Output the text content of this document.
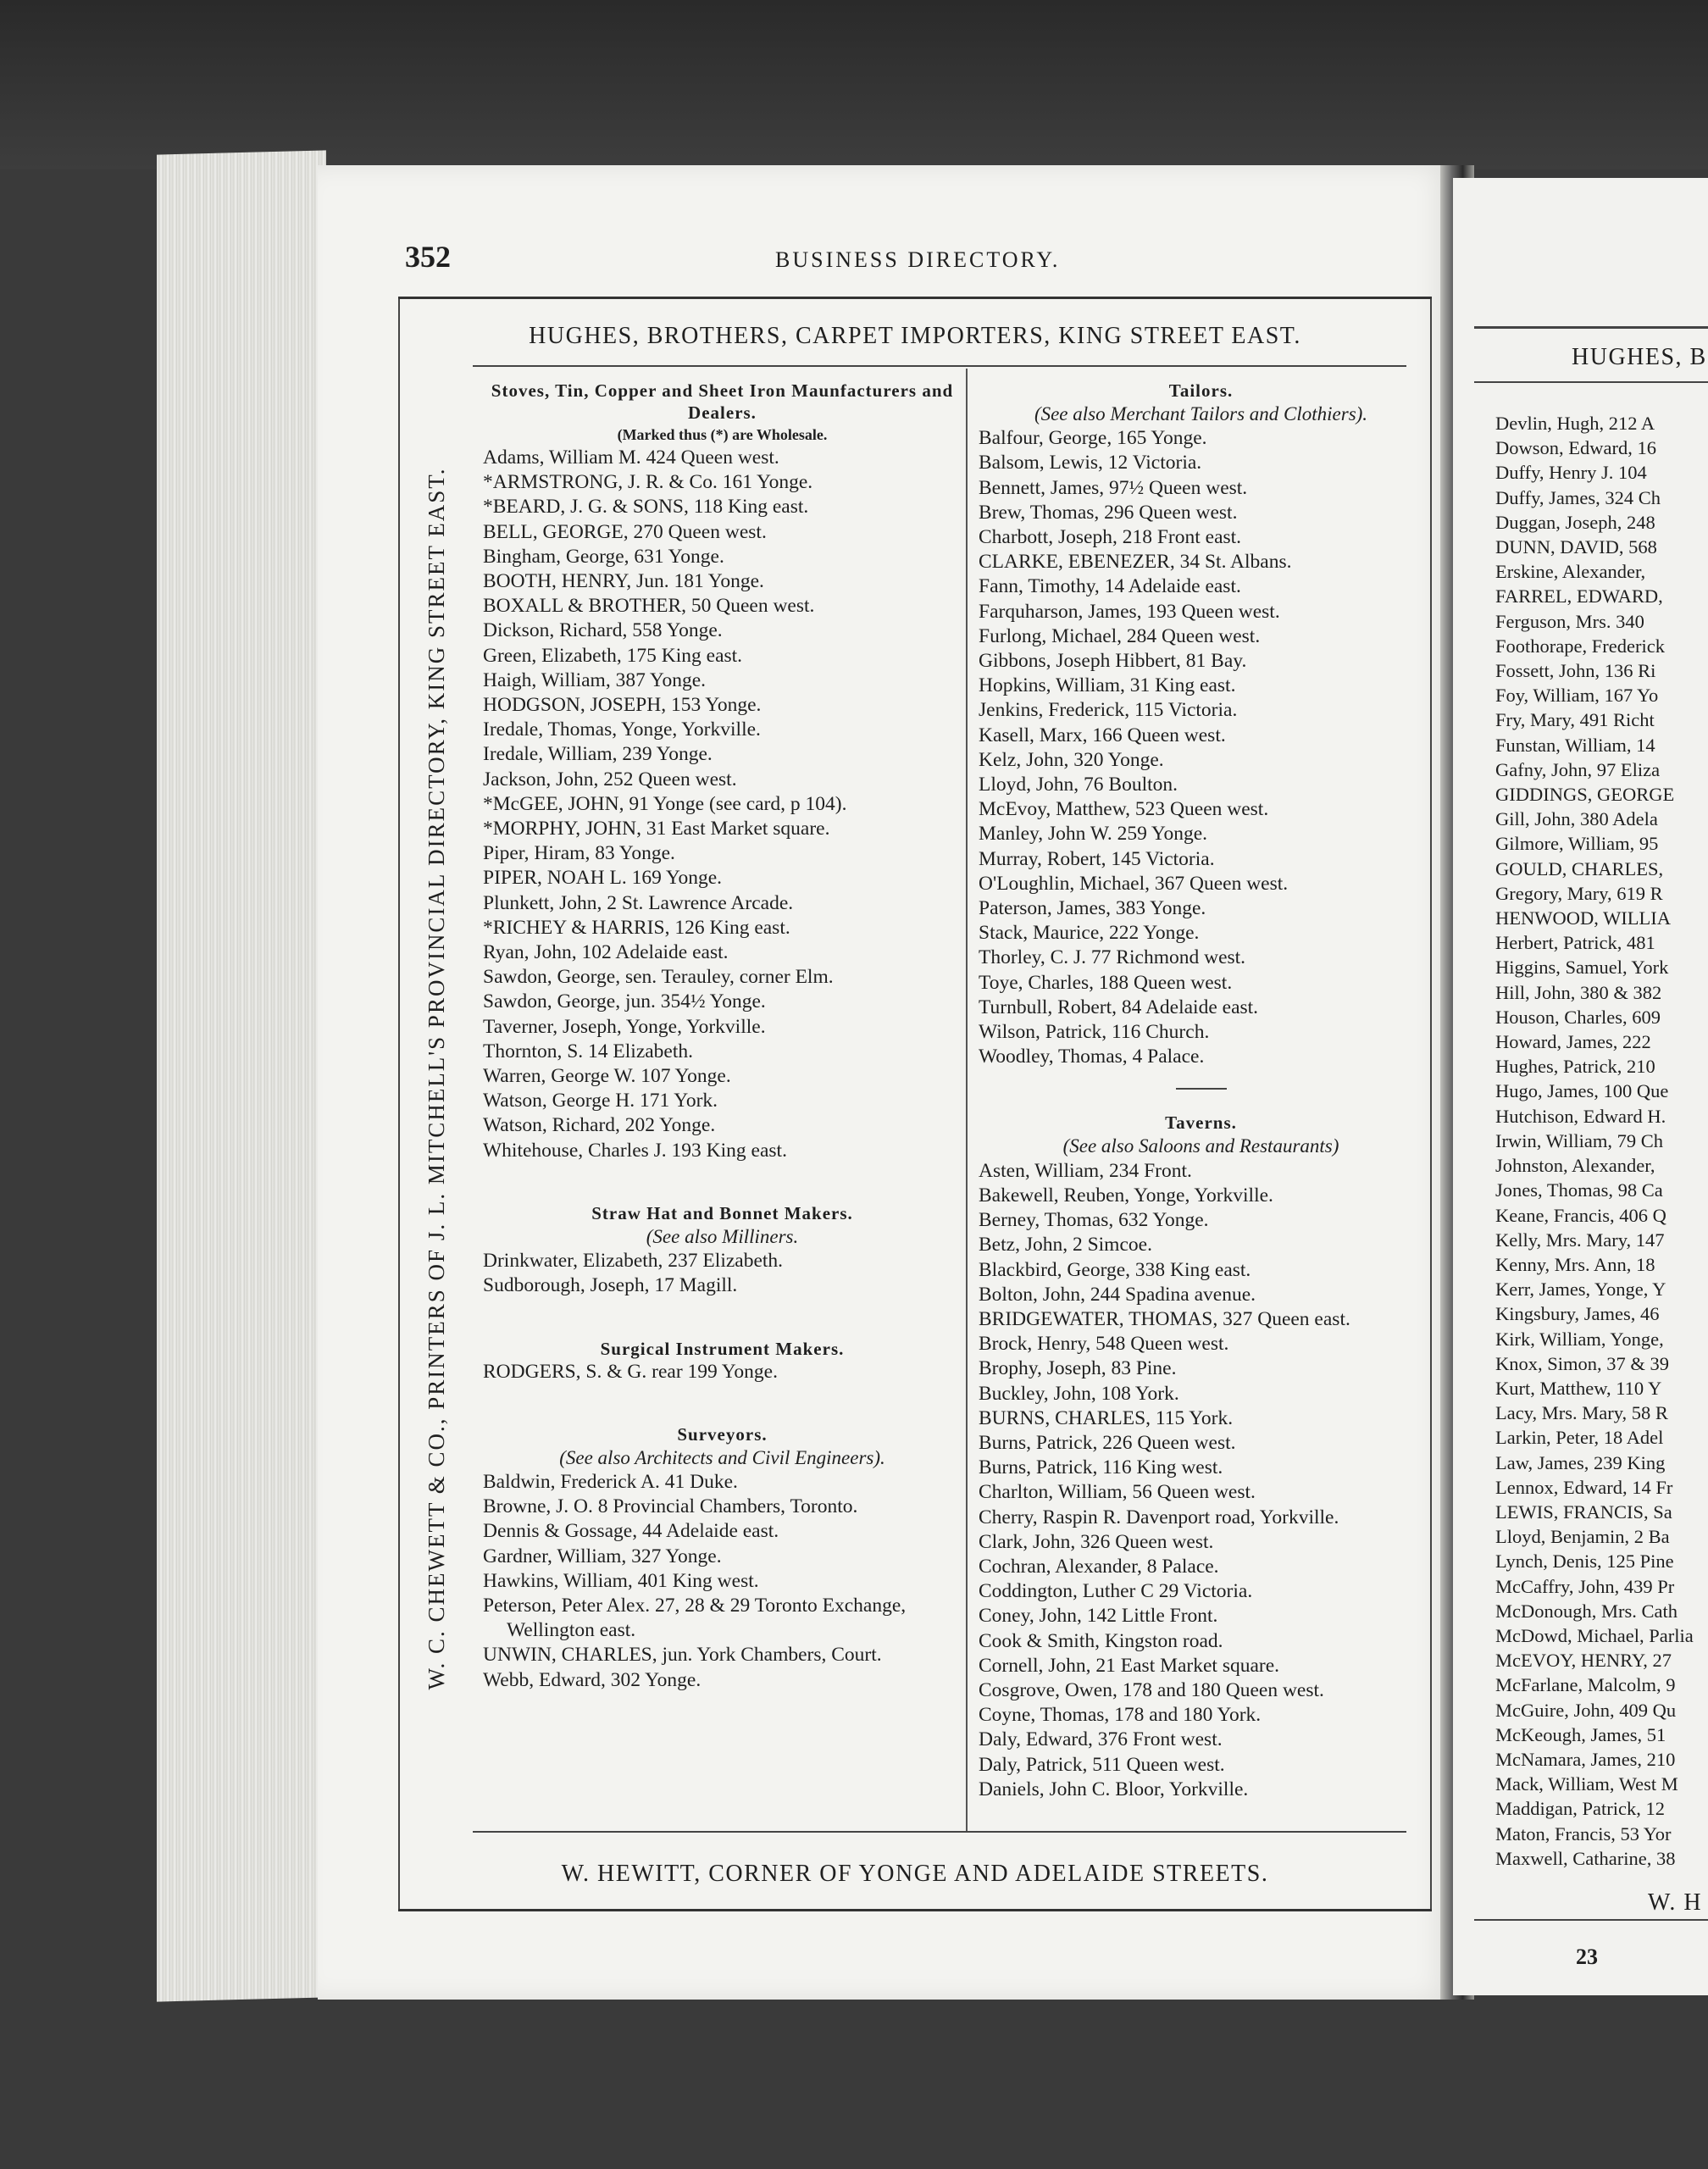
352	BUSINESS DIRECTORY.
HUGHES, BROTHERS, CARPET IMPORTERS, KING STREET EAST.
W. HEWITT, CORNER OF YONGE AND ADELAIDE STREETS.
W. C. CHEWETT & CO., PRINTERS OF J. L. MITCHELL'S PROVINCIAL DIRECTORY, KING STREET EAST.
Stoves, Tin, Copper and Sheet Iron Maunfacturers and Dealers.
(Marked thus (*) are Wholesale.
Adams, William M. 424 Queen west.
*ARMSTRONG, J. R. & Co. 161 Yonge.
*BEARD, J. G. & SONS, 118 King east.
BELL, GEORGE, 270 Queen west.
Bingham, George, 631 Yonge.
BOOTH, HENRY, Jun. 181 Yonge.
BOXALL & BROTHER, 50 Queen west.
Dickson, Richard, 558 Yonge.
Green, Elizabeth, 175 King east.
Haigh, William, 387 Yonge.
HODGSON, JOSEPH, 153 Yonge.
Iredale, Thomas, Yonge, Yorkville.
Iredale, William, 239 Yonge.
Jackson, John, 252 Queen west.
*McGEE, JOHN, 91 Yonge (see card, p 104).
*MORPHY, JOHN, 31 East Market square.
Piper, Hiram, 83 Yonge.
PIPER, NOAH L. 169 Yonge.
Plunkett, John, 2 St. Lawrence Arcade.
*RICHEY & HARRIS, 126 King east.
Ryan, John, 102 Adelaide east.
Sawdon, George, sen. Terauley, corner Elm.
Sawdon, George, jun. 354½ Yonge.
Taverner, Joseph, Yonge, Yorkville.
Thornton, S. 14 Elizabeth.
Warren, George W. 107 Yonge.
Watson, George H. 171 York.
Watson, Richard, 202 Yonge.
Whitehouse, Charles J. 193 King east.
Straw Hat and Bonnet Makers.
(See also Milliners.
Drinkwater, Elizabeth, 237 Elizabeth.
Sudborough, Joseph, 17 Magill.
Surgical Instrument Makers.
RODGERS, S. & G. rear 199 Yonge.
Surveyors.
(See also Architects and Civil Engineers).
Baldwin, Frederick A. 41 Duke.
Browne, J. O. 8 Provincial Chambers, Toronto.
Dennis & Gossage, 44 Adelaide east.
Gardner, William, 327 Yonge.
Hawkins, William, 401 King west.
Peterson, Peter Alex. 27, 28 & 29 Toronto Exchange, Wellington east.
UNWIN, CHARLES, jun. York Chambers, Court.
Webb, Edward, 302 Yonge.
Tailors.
(See also Merchant Tailors and Clothiers).
Balfour, George, 165 Yonge.
Balsom, Lewis, 12 Victoria.
Bennett, James, 97½ Queen west.
Brew, Thomas, 296 Queen west.
Charbott, Joseph, 218 Front east.
CLARKE, EBENEZER, 34 St. Albans.
Fann, Timothy, 14 Adelaide east.
Farquharson, James, 193 Queen west.
Furlong, Michael, 284 Queen west.
Gibbons, Joseph Hibbert, 81 Bay.
Hopkins, William, 31 King east.
Jenkins, Frederick, 115 Victoria.
Kasell, Marx, 166 Queen west.
Kelz, John, 320 Yonge.
Lloyd, John, 76 Boulton.
McEvoy, Matthew, 523 Queen west.
Manley, John W. 259 Yonge.
Murray, Robert, 145 Victoria.
O'Loughlin, Michael, 367 Queen west.
Paterson, James, 383 Yonge.
Stack, Maurice, 222 Yonge.
Thorley, C. J. 77 Richmond west.
Toye, Charles, 188 Queen west.
Turnbull, Robert, 84 Adelaide east.
Wilson, Patrick, 116 Church.
Woodley, Thomas, 4 Palace.
Taverns.
(See also Saloons and Restaurants)
Asten, William, 234 Front.
Bakewell, Reuben, Yonge, Yorkville.
Berney, Thomas, 632 Yonge.
Betz, John, 2 Simcoe.
Blackbird, George, 338 King east.
Bolton, John, 244 Spadina avenue.
BRIDGEWATER, THOMAS, 327 Queen east.
Brock, Henry, 548 Queen west.
Brophy, Joseph, 83 Pine.
Buckley, John, 108 York.
BURNS, CHARLES, 115 York.
Burns, Patrick, 226 Queen west.
Burns, Patrick, 116 King west.
Charlton, William, 56 Queen west.
Cherry, Raspin R. Davenport road, Yorkville.
Clark, John, 326 Queen west.
Cochran, Alexander, 8 Palace.
Coddington, Luther C 29 Victoria.
Coney, John, 142 Little Front.
Cook & Smith, Kingston road.
Cornell, John, 21 East Market square.
Cosgrove, Owen, 178 and 180 Queen west.
Coyne, Thomas, 178 and 180 York.
Daly, Edward, 376 Front west.
Daly, Patrick, 511 Queen west.
Daniels, John C. Bloor, Yorkville.
HUGHES, B
Devlin, Hugh, 212 A
Dowson, Edward, 16
Duffy, Henry J. 104
Duffy, James, 324 Ch
Duggan, Joseph, 248
DUNN, DAVID, 568
Erskine, Alexander,
FARREL, EDWARD,
Ferguson, Mrs. 340
Foothorape, Frederick
Fossett, John, 136 Ri
Foy, William, 167 Yo
Fry, Mary, 491 Richt
Funstan, William, 14
Gafny, John, 97 Eliza
GIDDINGS, GEORGE
Gill, John, 380 Adela
Gilmore, William, 95
GOULD, CHARLES,
Gregory, Mary, 619 R
HENWOOD, WILLIA
Herbert, Patrick, 481
Higgins, Samuel, York
Hill, John, 380 & 382
Houson, Charles, 609
Howard, James, 222
Hughes, Patrick, 210
Hugo, James, 100 Que
Hutchison, Edward H.
Irwin, William, 79 Ch
Johnston, Alexander,
Jones, Thomas, 98 Ca
Keane, Francis, 406 Q
Kelly, Mrs. Mary, 147
Kenny, Mrs. Ann, 18
Kerr, James, Yonge, Y
Kingsbury, James, 46
Kirk, William, Yonge,
Knox, Simon, 37 & 39
Kurt, Matthew, 110 Y
Lacy, Mrs. Mary, 58 R
Larkin, Peter, 18 Adel
Law, James, 239 King
Lennox, Edward, 14 Fr
LEWIS, FRANCIS, Sa
Lloyd, Benjamin, 2 Ba
Lynch, Denis, 125 Pine
McCaffry, John, 439 Pr
McDonough, Mrs. Cath
McDowd, Michael, Parlia
McEVOY, HENRY, 27
McFarlane, Malcolm, 9
McGuire, John, 409 Qu
McKeough, James, 51
McNamara, James, 210
Mack, William, West M
Maddigan, Patrick, 12
Maton, Francis, 53 Yor
Maxwell, Catharine, 38
W. H
23
